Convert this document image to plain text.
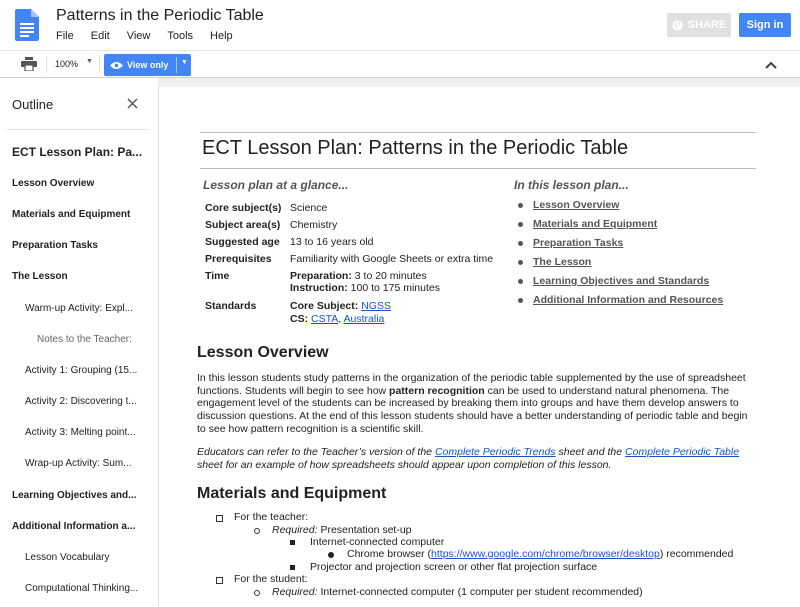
Patterns in the Periodic Table
File Edit View Tools Help
SHARE	Sign in
100% ▼	View only ▼
Outline
ECT Lesson Plan: Pa...
Lesson Overview
Materials and Equipment
Preparation Tasks
The Lesson
Warm-up Activity: Expl...
Notes to the Teacher:
Activity 1: Grouping (15...
Activity 2: Discovering t...
Activity 3: Melting point...
Wrap-up Activity: Sum...
Learning Objectives and...
Additional Information a...
Lesson Vocabulary
Computational Thinking...
ECT Lesson Plan: Patterns in the Periodic Table
Lesson plan at a glance...	In this lesson plan...
Core subject(s) Science
Subject area(s) Chemistry
Suggested age 13 to 16 years old
Prerequisites Familiarity with Google Sheets or extra time
Time	Preparation: 3 to 20 minutes
Instruction: 100 to 175 minutes
Standards	Core Subject: NGSS
CS: CSTA, Australia
Lesson Overview
Materials and Equipment
Preparation Tasks
The Lesson
Learning Objectives and Standards
Additional Information and Resources
Lesson Overview
In this lesson students study patterns in the organization of the periodic table supplemented by the use of spreadsheet functions. Students will begin to see how pattern recognition can be used to understand natural phenomena. The engagement level of the students can be increased by breaking them into groups and have them develop answers to discussion questions. At the end of this lesson students should have a better understanding of periodic table and begin to see how pattern recognition is a scientific skill.
Educators can refer to the Teacher’s version of the Complete Periodic Trends sheet and the Complete Periodic Table sheet for an example of how spreadsheets should appear upon completion of this lesson.
Materials and Equipment
For the teacher:
Required: Presentation set-up
Internet-connected computer
Chrome browser (https://www.google.com/chrome/browser/desktop) recommended
Projector and projection screen or other flat projection surface
For the student:
Required: Internet-connected computer (1 computer per student recommended)
